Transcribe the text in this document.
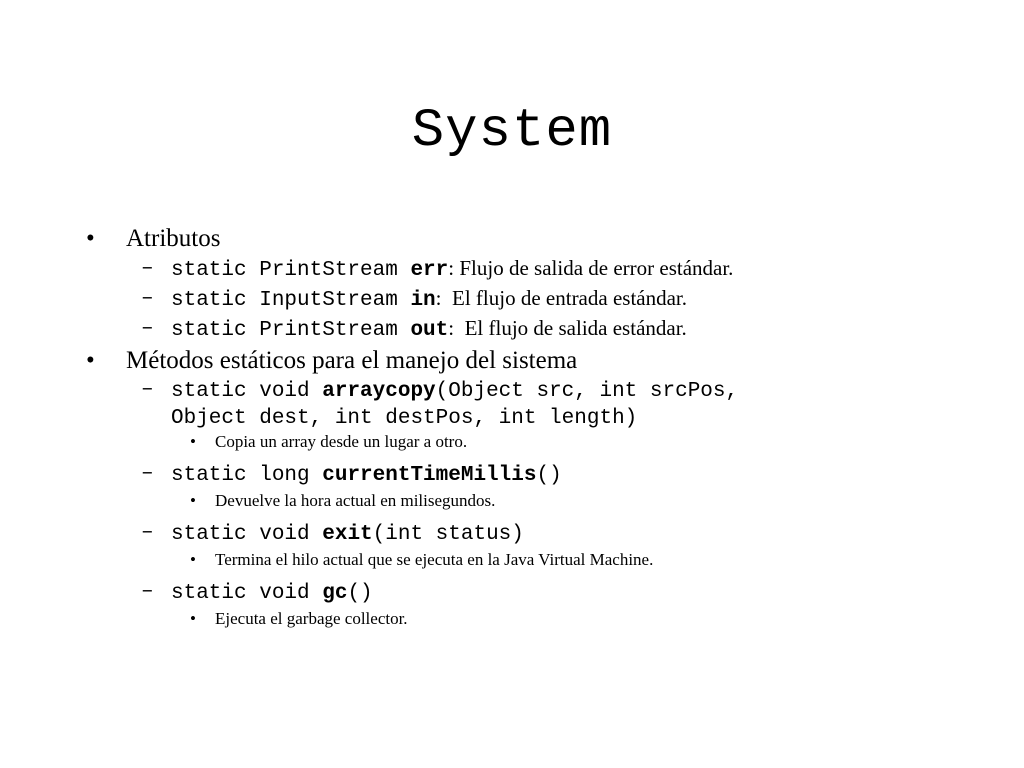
System
• Atributos
– static PrintStream err: Flujo de salida de error estándar.
– static InputStream in:  El flujo de entrada estándar.
– static PrintStream out:  El flujo de salida estándar.
• Métodos estáticos para el manejo del sistema
– static void arraycopy(Object src, int srcPos,
Object dest, int destPos, int length)
• Copia un array desde un lugar a otro.
– static long currentTimeMillis()
• Devuelve la hora actual en milisegundos.
– static void exit(int status)
• Termina el hilo actual que se ejecuta en la Java Virtual Machine.
– static void gc()
• Ejecuta el garbage collector.
